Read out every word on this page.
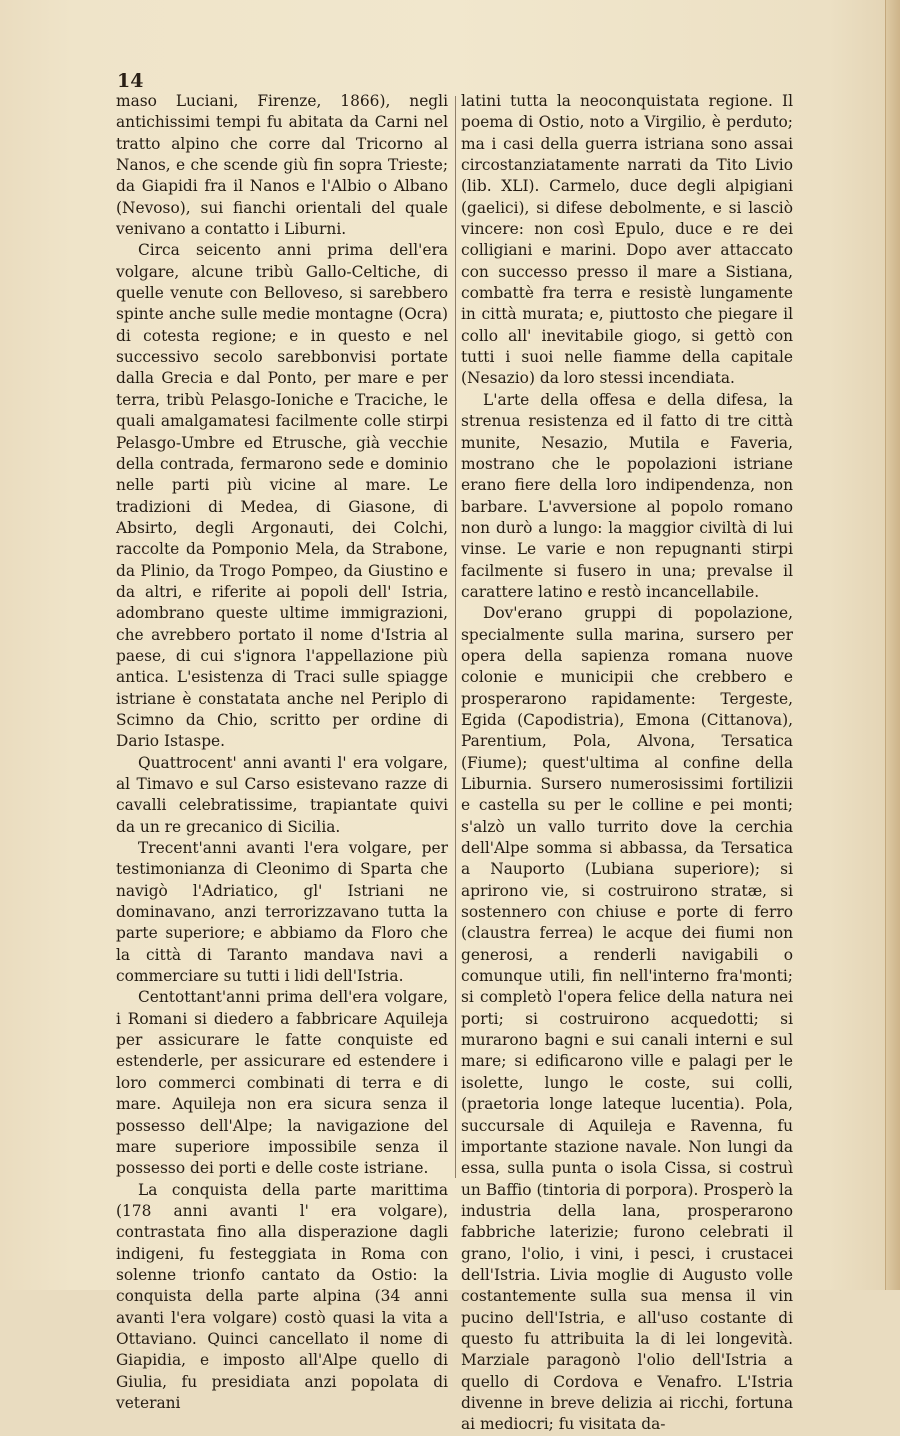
14

maso Luciani, Firenze, 1866), negli antichissimi tempi fu abitata da Carni nel tratto alpino che corre dal Tricorno al Nanos, e che scende giù fin sopra Trieste; da Giapidi fra il Nanos e l'Albio o Albano (Nevoso), sui fianchi orientali del quale venivano a contatto i Liburni.

Circa seicento anni prima dell'era volgare, alcune tribù Gallo-Celtiche, di quelle venute con Belloveso, si sarebbero spinte anche sulle medie montagne (Ocra) di cotesta regione; e in questo e nel successivo secolo sarebbonvisi portate dalla Grecia e dal Ponto, per mare e per terra, tribù Pelasgo-Ioniche e Traciche, le quali amalgamatesi facilmente colle stirpi Pelasgo-Umbre ed Etrusche, già vecchie della contrada, fermarono sede e dominio nelle parti più vicine al mare. Le tradizioni di Medea, di Giasone, di Absirto, degli Argonauti, dei Colchi, raccolte da Pomponio Mela, da Strabone, da Plinio, da Trogo Pompeo, da Giustino e da altri, e riferite ai popoli dell' Istria, adombrano queste ultime immigrazioni, che avrebbero portato il nome d'Istria al paese, di cui s'ignora l'appellazione più antica. L'esistenza di Traci sulle spiagge istriane è constatata anche nel Periplo di Scimno da Chio, scritto per ordine di Dario Istaspe.

Quattrocent' anni avanti l' era volgare, al Timavo e sul Carso esistevano razze di cavalli celebratissime, trapiantate quivi da un re grecanico di Sicilia.

Trecent'anni avanti l'era volgare, per testimonianza di Cleonimo di Sparta che navigò l'Adriatico, gl' Istriani ne dominavano, anzi terrorizzavano tutta la parte superiore; e abbiamo da Floro che la città di Taranto mandava navi a commerciare su tutti i lidi dell'Istria.

Centottant'anni prima dell'era volgare, i Romani si diedero a fabbricare Aquileja per assicurare le fatte conquiste ed estenderle, per assicurare ed estendere i loro commerci combinati di terra e di mare. Aquileja non era sicura senza il possesso dell'Alpe; la navigazione del mare superiore impossibile senza il possesso dei porti e delle coste istriane.

La conquista della parte marittima (178 anni avanti l' era volgare), contrastata fino alla disperazione dagli indigeni, fu festeggiata in Roma con solenne trionfo cantato da Ostio: la conquista della parte alpina (34 anni avanti l'era volgare) costò quasi la vita a Ottaviano. Quinci cancellato il nome di Giapidia, e imposto all'Alpe quello di Giulia, fu presidiata anzi popolata di veterani

latini tutta la neoconquistata regione. Il poema di Ostio, noto a Virgilio, è perduto; ma i casi della guerra istriana sono assai circostanziatamente narrati da Tito Livio (lib. XLI). Carmelo, duce degli alpigiani (gaelici), si difese debolmente, e si lasciò vincere: non così Epulo, duce e re dei colligiani e marini. Dopo aver attaccato con successo presso il mare a Sistiana, combattè fra terra e resistè lungamente in città murata; e, piuttosto che piegare il collo all' inevitabile giogo, si gettò con tutti i suoi nelle fiamme della capitale (Nesazio) da loro stessi incendiata.

L'arte della offesa e della difesa, la strenua resistenza ed il fatto di tre città munite, Nesazio, Mutila e Faveria, mostrano che le popolazioni istriane erano fiere della loro indipendenza, non barbare. L'avversione al popolo romano non durò a lungo: la maggior civiltà di lui vinse. Le varie e non repugnanti stirpi facilmente si fusero in una; prevalse il carattere latino e restò incancellabile.

Dov'erano gruppi di popolazione, specialmente sulla marina, sursero per opera della sapienza romana nuove colonie e municipii che crebbero e prosperarono rapidamente: Tergeste, Egida (Capodistria), Emona (Cittanova), Parentium, Pola, Alvona, Tersatica (Fiume); quest'ultima al confine della Liburnia. Sursero numerosissimi fortilizii e castella su per le colline e pei monti; s'alzò un vallo turrito dove la cerchia dell'Alpe somma si abbassa, da Tersatica a Nauporto (Lubiana superiore); si aprirono vie, si costruirono stratæ, si sostennero con chiuse e porte di ferro (claustra ferrea) le acque dei fiumi non generosi, a renderli navigabili o comunque utili, fin nell'interno fra'monti; si completò l'opera felice della natura nei porti; si costruirono acquedotti; si murarono bagni e sui canali interni e sul mare; si edificarono ville e palagi per le isolette, lungo le coste, sui colli, (praetoria longe lateque lucentia). Pola, succursale di Aquileja e Ravenna, fu importante stazione navale. Non lungi da essa, sulla punta o isola Cissa, si costruì un Baffio (tintoria di porpora). Prosperò la industria della lana, prosperarono fabbriche laterizie; furono celebrati il grano, l'olio, i vini, i pesci, i crustacei dell'Istria. Livia moglie di Augusto volle costantemente sulla sua mensa il vin pucino dell'Istria, e all'uso costante di questo fu attribuita la di lei longevità. Marziale paragonò l'olio dell'Istria a quello di Cordova e Venafro. L'Istria divenne in breve delizia ai ricchi, fortuna ai mediocri; fu visitata da-
